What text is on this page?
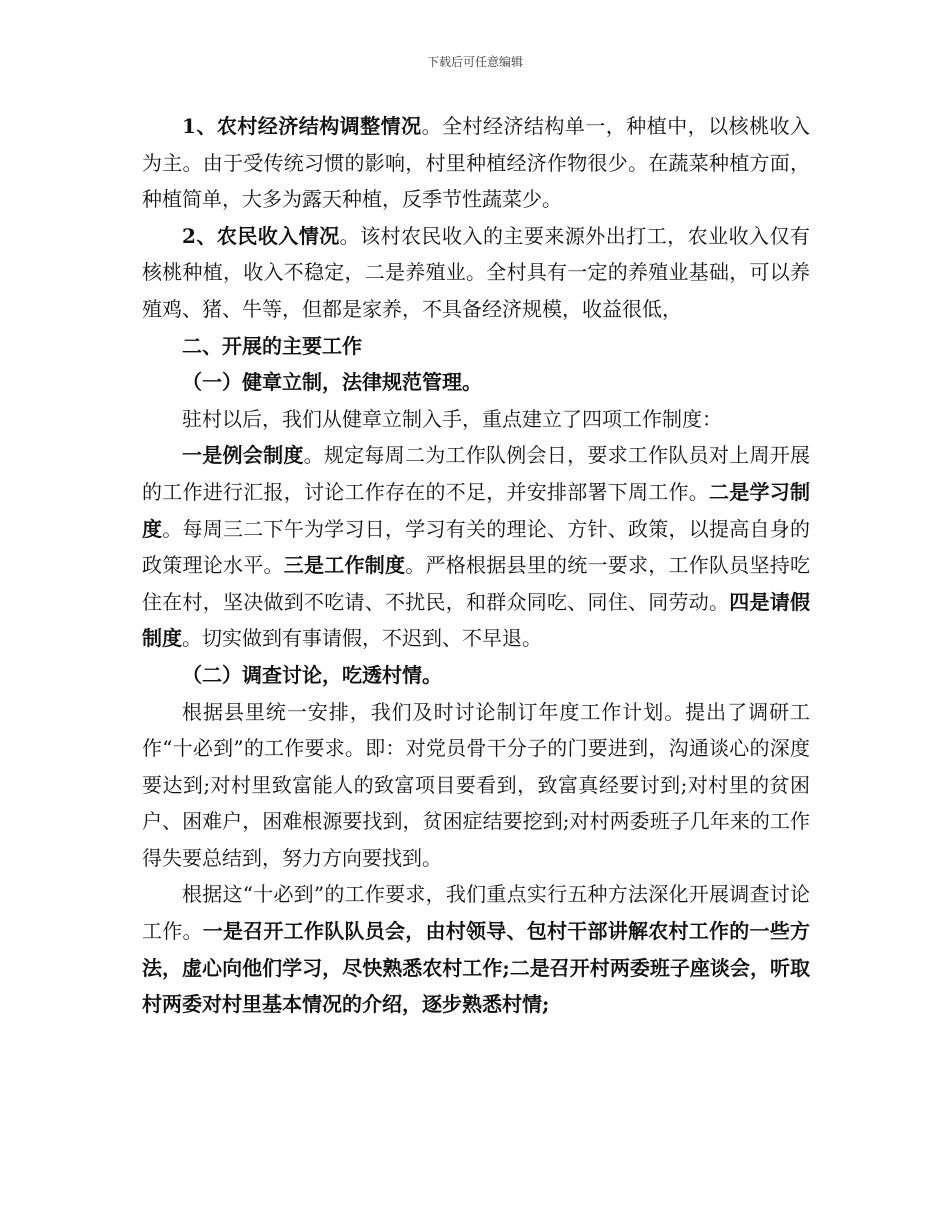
下载后可任意编辑

1、农村经济结构调整情况。全村经济结构单一，种植中，以核桃收入为主。由于受传统习惯的影响，村里种植经济作物很少。在蔬菜种植方面，种植简单，大多为露天种植，反季节性蔬菜少。

2、农民收入情况。该村农民收入的主要来源外出打工，农业收入仅有核桃种植，收入不稳定，二是养殖业。全村具有一定的养殖业基础，可以养殖鸡、猪、牛等，但都是家养，不具备经济规模，收益很低，

二、开展的主要工作

（一）健章立制，法律规范管理。

驻村以后，我们从健章立制入手，重点建立了四项工作制度：

一是例会制度。规定每周二为工作队例会日，要求工作队员对上周开展的工作进行汇报，讨论工作存在的不足，并安排部署下周工作。二是学习制度。每周三二下午为学习日，学习有关的理论、方针、政策，以提高自身的政策理论水平。三是工作制度。严格根据县里的统一要求，工作队员坚持吃住在村，坚决做到不吃请、不扰民，和群众同吃、同住、同劳动。四是请假制度。切实做到有事请假，不迟到、不早退。

（二）调查讨论，吃透村情。

根据县里统一安排，我们及时讨论制订年度工作计划。提出了调研工作“十必到”的工作要求。即：对党员骨干分子的门要进到，沟通谈心的深度要达到;对村里致富能人的致富项目要看到，致富真经要讨到;对村里的贫困户、困难户，困难根源要找到，贫困症结要挖到;对村两委班子几年来的工作得失要总结到，努力方向要找到。

根据这“十必到”的工作要求，我们重点实行五种方法深化开展调查讨论工作。一是召开工作队队员会，由村领导、包村干部讲解农村工作的一些方法，虚心向他们学习，尽快熟悉农村工作;二是召开村两委班子座谈会，听取村两委对村里基本情况的介绍，逐步熟悉村情;
